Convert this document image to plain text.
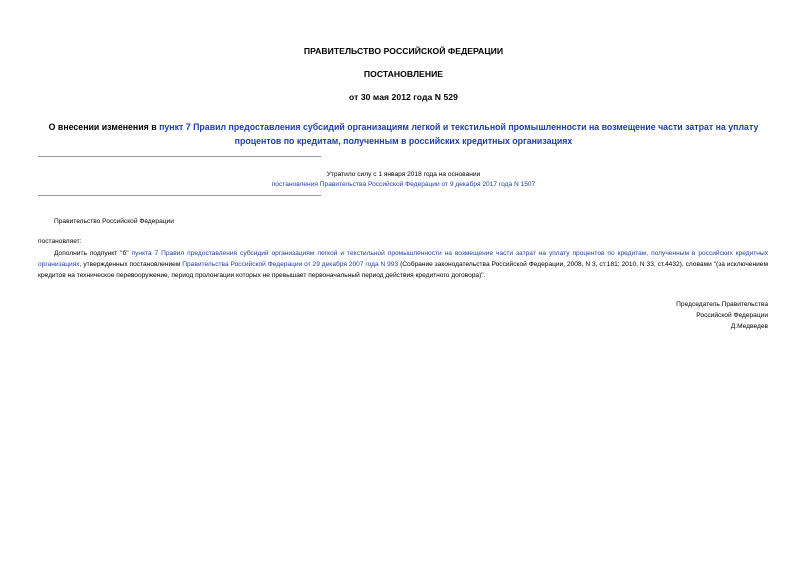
ПРАВИТЕЛЬСТВО РОССИЙСКОЙ ФЕДЕРАЦИИ
ПОСТАНОВЛЕНИЕ
от 30 мая 2012 года N 529
О внесении изменения в пункт 7 Правил предоставления субсидий организациям легкой и текстильной промышленности на возмещение части затрат на уплату процентов по кредитам, полученным в российских кредитных организациях
Утратило силу с 1 января 2018 года на основании
постановления Правительства Российской Федерации от 9 декабря 2017 года N 1507
Правительство Российской Федерации
постановляет:
Дополнить подпункт "б" пункта 7 Правил предоставления субсидий организациям легкой и текстильной промышленности на возмещение части затрат на уплату процентов по кредитам, полученным в российских кредитных организациях, утвержденных постановлением Правительства Российской Федерации от 29 декабря 2007 года N 993 (Собрание законодательства Российской Федерации, 2008, N 3, ст.181; 2010, N 33, ст.4432), словами "(за исключением кредитов на техническое перевооружение, период пролонгации которых не превышает первоначальный период действия кредитного договора)".
Председатель Правительства
Российской Федерации
Д.Медведев
